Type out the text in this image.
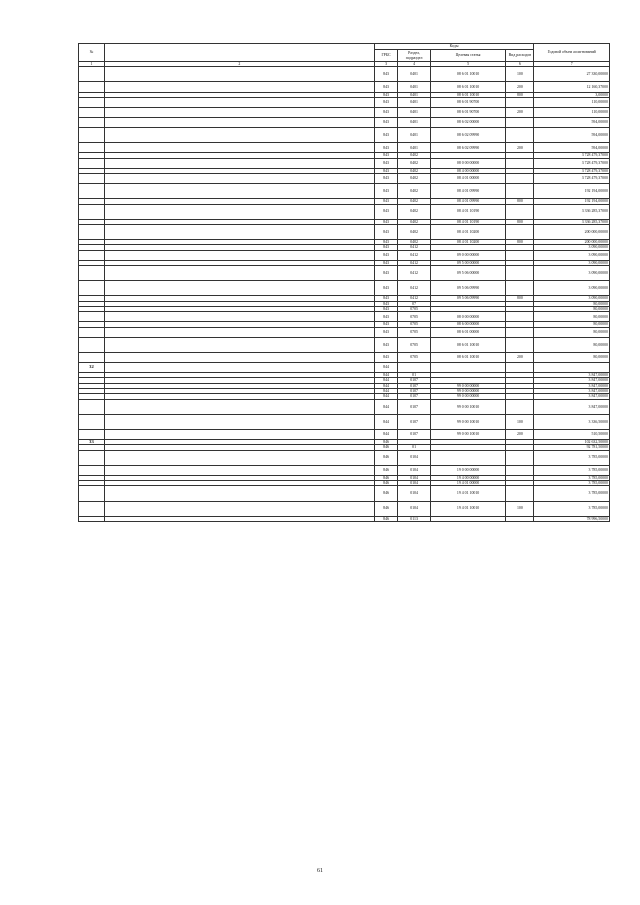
№		Коды				Годовой объем ассигнований
		ГРБС	Раздел, подраздел	Целевая статья	Вид расходов	
1	2	3	4	5	6	7
		843	0401	08 6 01 10010	100	27 330,00000
		843	0401	08 6 01 10010	200	12 160,37000
		843	0401	08 6 01 10010	800	3,00000
		843	0401	08 6 01 90700		110,00000
		843	0401	08 6 01 90700	200	110,00000
		843	0401	08 6 02 00000		594,00000
		843	0401	08 6 02 09990		594,00000
		843	0401	08 6 02 09990	200	594,00000
		843	0402			3 728 479,37000
		843	0402	08 0 00 00000		3 728 479,37000
		843	0402	08 4 00 00000		3 728 479,37000
		843	0402	08 4 01 00000		3 728 479,37000
		843	0402	08 4 01 09990		192 194,00000
		843	0402	08 4 01 09990	800	192 194,00000
		843	0402	08 4 01 10190		3 336 285,37000
		843	0402	08 4 01 10190	800	3 336 285,37000
		843	0402	08 4 01 10200		200 000,00000
		843	0402	08 4 01 10200	800	200 000,00000
		843	0412			3 090,00000
		843	0412	09 0 00 00000		3 090,00000
		843	0412	09 5 00 00000		3 090,00000
		843	0412	09 5 06 00000		3 090,00000
		843	0412	09 5 06 09990		3 090,00000
		843	0412	09 5 06 09990	800	3 090,00000
		843	07			80,00000
		843	0705			80,00000
		843	0705	08 0 00 00000		80,00000
		843	0705	08 6 00 00000		80,00000
		843	0705	08 6 01 00000		80,00000
		843	0705	08 6 01 10010		80,00000
		843	0705	08 6 01 10010	200	80,00000
32		844				
		844	01			3 847,00000
		844	0107			3 847,00000
		844	0107	99 0 00 00000		3 847,00000
		844	0107	99 0 00 00000		3 847,00000
		844	0107	99 0 00 00000		3 847,00000
		844	0107	99 0 00 10010		3 847,00000
		844	0107	99 0 00 10010	100	3 336,50000
		844	0107	99 0 00 10010	200	510,50000
33		846				102 632,50000
		846	01			92 781,50000
		846	0104			3 785,00000
		846	0104	19 0 00 00000		3 785,00000
		846	0104	19 4 00 00000		3 785,00000
		846	0104	19 4 01 00000		3 785,00000
		846	0104	19 4 01 10010		3 785,00000
		846	0104	19 4 01 10010	100	3 785,00000
		846	0113			78 996,50000
61
